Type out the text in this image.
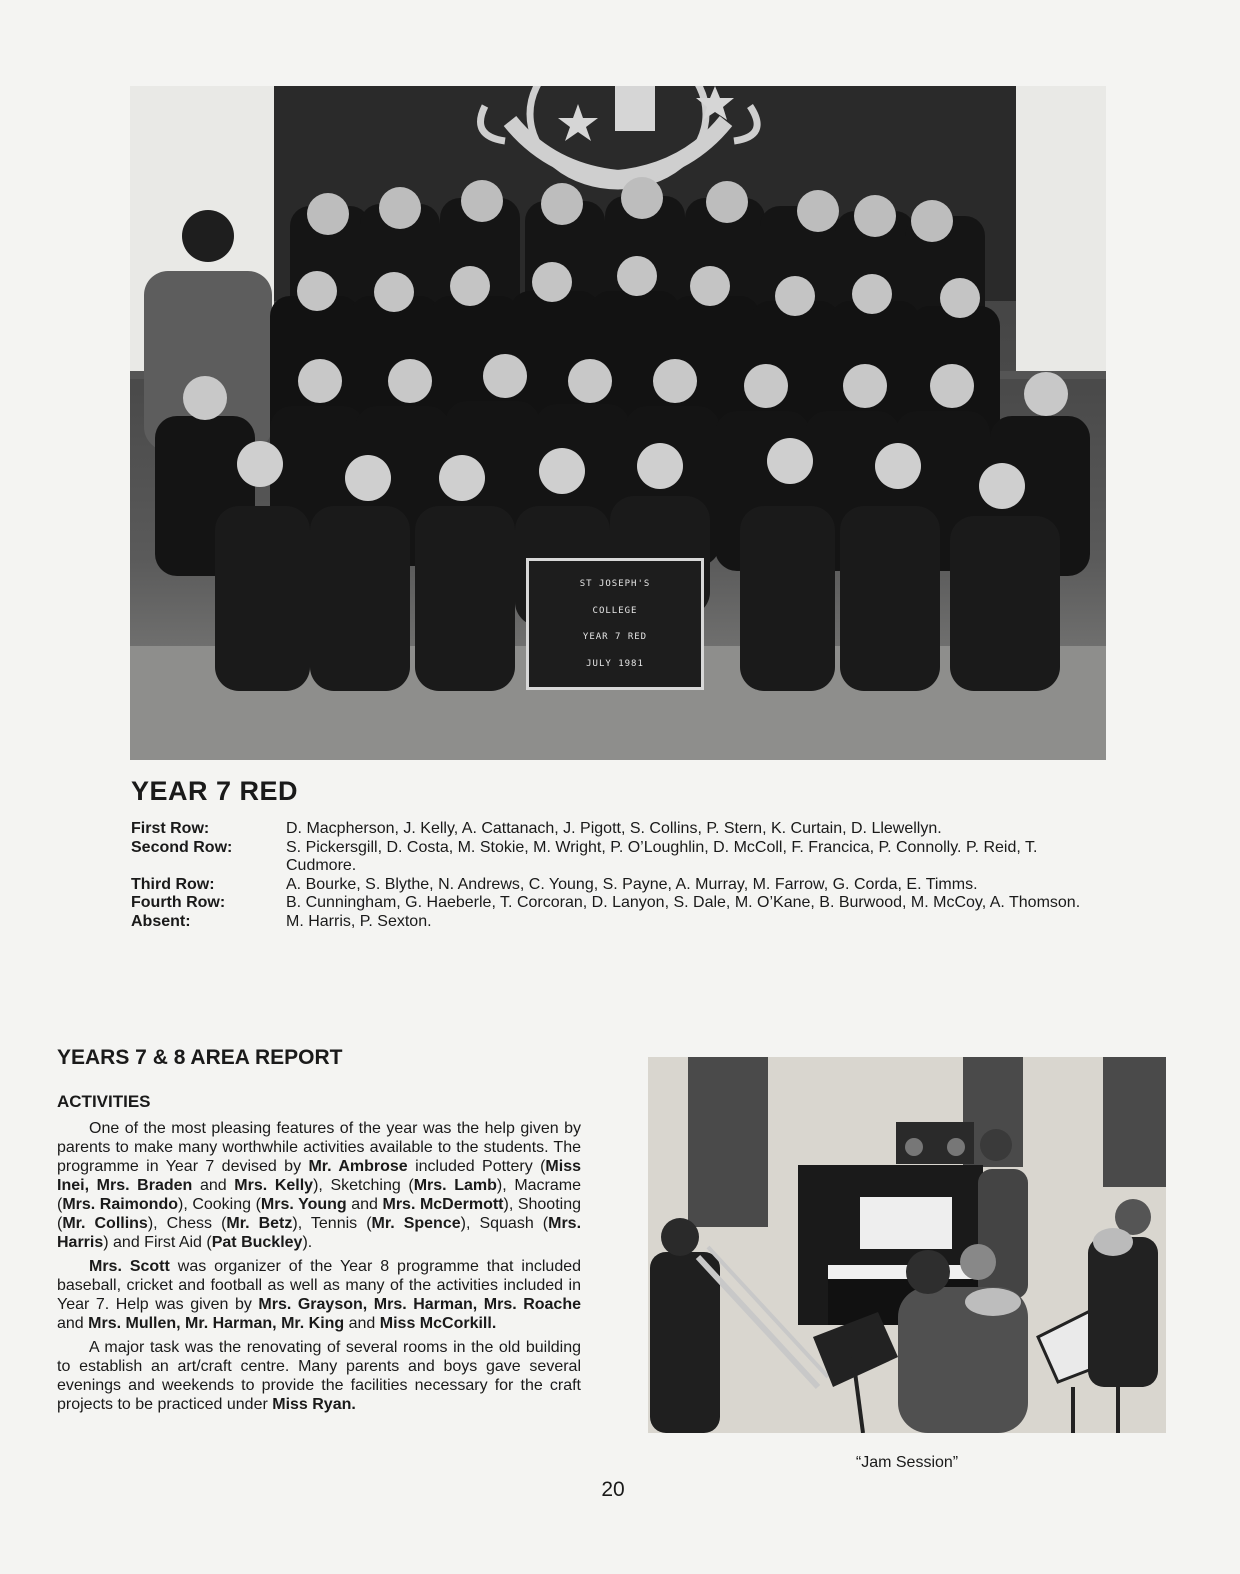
ST JOSEPH'S
COLLEGE
YEAR 7 RED
JULY 1981
YEAR 7 RED
First Row:	D. Macpherson, J. Kelly, A. Cattanach, J. Pigott, S. Collins, P. Stern, K. Curtain, D. Llewellyn.
Second Row:	S. Pickersgill, D. Costa, M. Stokie, M. Wright, P. O’Loughlin, D. McColl, F. Francica, P. Connolly. P. Reid, T. Cudmore.
Third Row:	A. Bourke, S. Blythe, N. Andrews, C. Young, S. Payne, A. Murray, M. Farrow, G. Corda, E. Timms.
Fourth Row:	B. Cunningham, G. Haeberle, T. Corcoran, D. Lanyon, S. Dale, M. O’Kane, B. Burwood, M. McCoy, A. Thomson.
Absent:	M. Harris, P. Sexton.
YEARS 7 & 8 AREA REPORT
ACTIVITIES

One of the most pleasing features of the year was the help given by parents to make many worthwhile activities available to the students. The programme in Year 7 devised by Mr. Ambrose included Pottery (Miss Inei, Mrs. Braden and Mrs. Kelly), Sketching (Mrs. Lamb), Macrame (Mrs. Raimondo), Cooking (Mrs. Young and Mrs. McDermott), Shooting (Mr. Collins), Chess (Mr. Betz), Tennis (Mr. Spence), Squash (Mrs. Harris) and First Aid (Pat Buckley).

Mrs. Scott was organizer of the Year 8 programme that included baseball, cricket and football as well as many of the activities included in Year 7. Help was given by Mrs. Grayson, Mrs. Harman, Mrs. Roache and Mrs. Mullen, Mr. Harman, Mr. King and Miss McCorkill.

A major task was the renovating of several rooms in the old building to establish an art/craft centre. Many parents and boys gave several evenings and weekends to provide the facilities necessary for the craft projects to be practiced under Miss Ryan.

“Jam Session”
20
